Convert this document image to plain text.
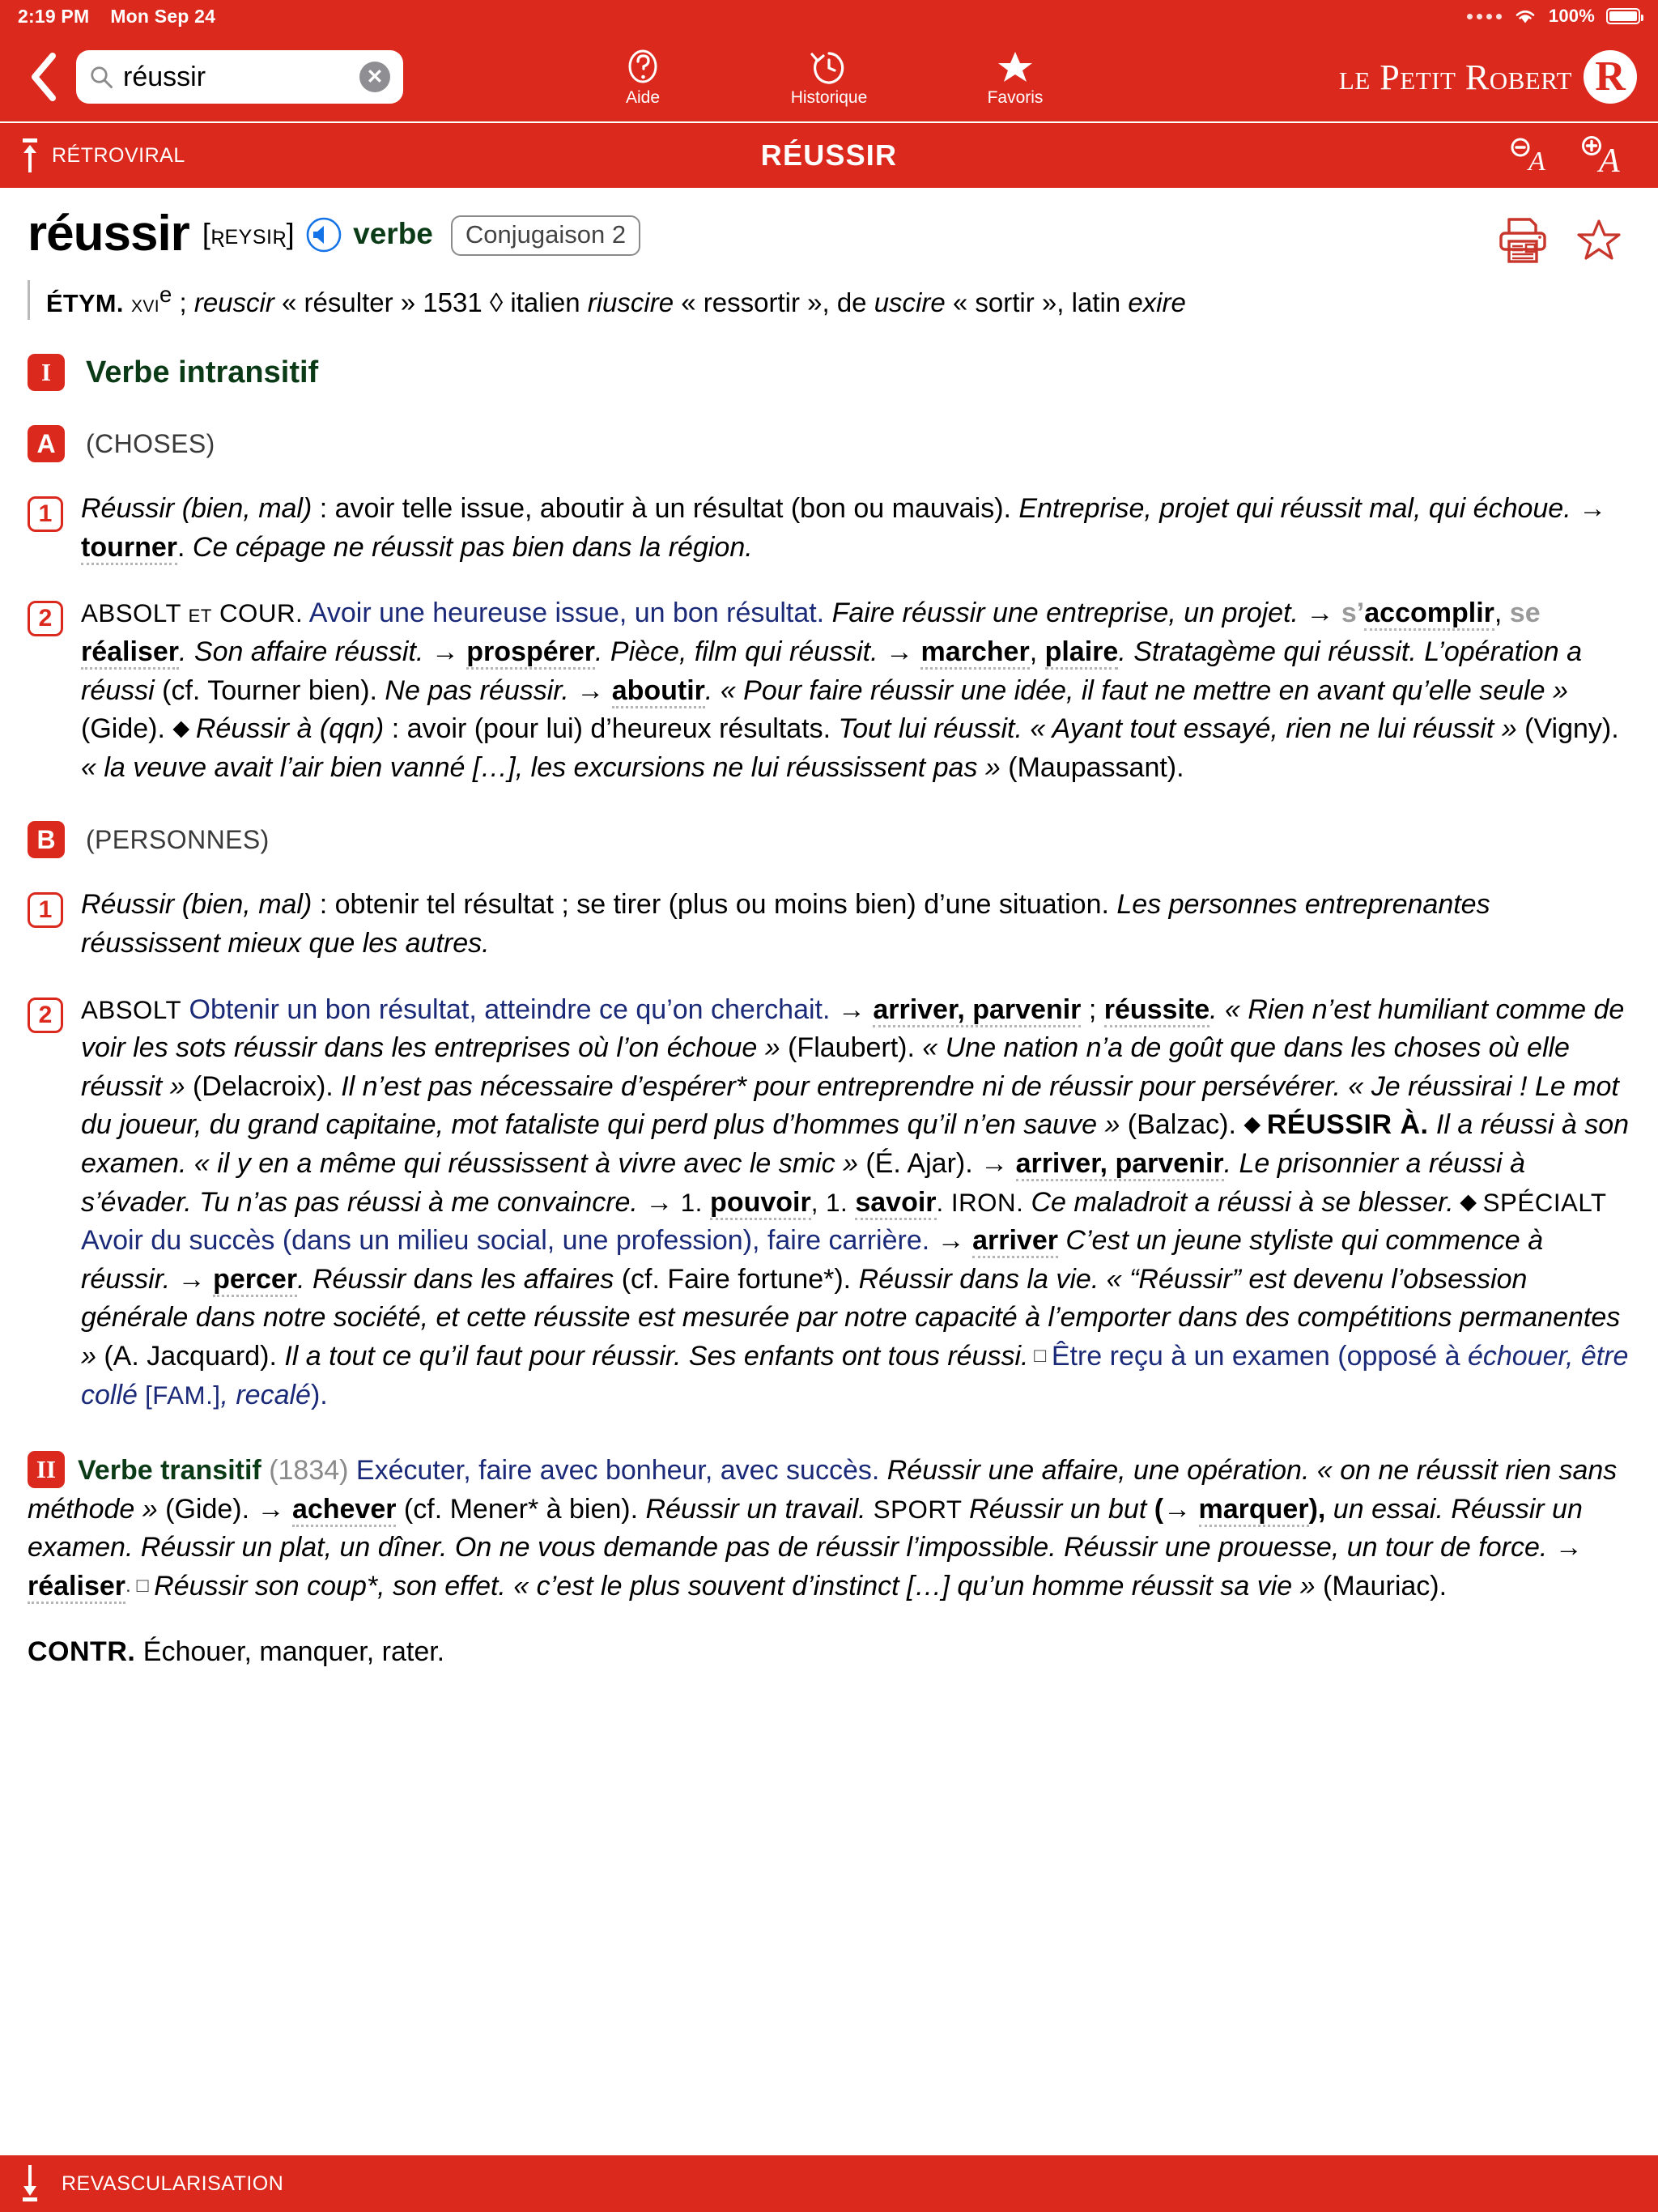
2:19 PM Mon Sep 24	100%
réussir	✕
Aide	Historique	Favoris
le Petit Robert R
RÉTROVIRAL	RÉUSSIR	A A
réussir [ʀeysiʀ] verbe	Conjugaison 2
ÉTYM. xvi$^e$ ; reuscir « résulter » 1531 ◊ italien riuscire « ressortir », de uscire « sortir », latin exire
I	Verbe intransitif
A	(CHOSES)
1	Réussir (bien, mal) : avoir telle issue, aboutir à un résultat (bon ou mauvais). Entreprise, projet qui réussit mal, qui échoue. → tourner. Ce cépage ne réussit pas bien dans la région.
2	ABSOLT et COUR. Avoir une heureuse issue, un bon résultat. Faire réussir une entreprise, un projet. → s’accomplir, se réaliser. Son affaire réussit. → prospérer. Pièce, film qui réussit. → marcher, plaire. Stratagème qui réussit. L’opération a réussi (cf. Tourner bien). Ne pas réussir. → aboutir. « Pour faire réussir une idée, il faut ne mettre en avant qu’elle seule » (Gide). ◆ Réussir à (qqn) : avoir (pour lui) d’heureux résultats. Tout lui réussit. « Ayant tout essayé, rien ne lui réussit » (Vigny). « la veuve avait l’air bien vanné […], les excursions ne lui réussissent pas » (Maupassant).
B	(PERSONNES)
1	Réussir (bien, mal) : obtenir tel résultat ; se tirer (plus ou moins bien) d’une situation. Les personnes entreprenantes réussissent mieux que les autres.
2	ABSOLT Obtenir un bon résultat, atteindre ce qu’on cherchait. → arriver, parvenir ; réussite. « Rien n’est humiliant comme de voir les sots réussir dans les entreprises où l’on échoue » (Flaubert). « Une nation n’a de goût que dans les choses où elle réussit » (Delacroix). Il n’est pas nécessaire d’espérer* pour entreprendre ni de réussir pour persévérer. « Je réussirai ! Le mot du joueur, du grand capitaine, mot fataliste qui perd plus d’hommes qu’il n’en sauve » (Balzac). ◆ RÉUSSIR À. Il a réussi à son examen. « il y en a même qui réussissent à vivre avec le smic » (É. Ajar). → arriver, parvenir. Le prisonnier a réussi à s’évader. Tu n’as pas réussi à me convaincre. → 1. pouvoir, 1. savoir. IRON. Ce maladroit a réussi à se blesser. ◆ SPÉCIALT Avoir du succès (dans un milieu social, une profession), faire carrière. → arriver C’est un jeune styliste qui commence à réussir. → percer. Réussir dans les affaires (cf. Faire fortune*). Réussir dans la vie. « “Réussir” est devenu l’obsession générale dans notre société, et cette réussite est mesurée par notre capacité à l’emporter dans des compétitions permanentes » (A. Jacquard). Il a tout ce qu’il faut pour réussir. Ses enfants ont tous réussi. □ Être reçu à un examen (opposé à échouer, être collé [FAM.], recalé).
II Verbe transitif (1834) Exécuter, faire avec bonheur, avec succès. Réussir une affaire, une opération. « on ne réussit rien sans méthode » (Gide). → achever (cf. Mener* à bien). Réussir un travail. SPORT Réussir un but (→ marquer), un essai. Réussir un examen. Réussir un plat, un dîner. On ne vous demande pas de réussir l’impossible. Réussir une prouesse, un tour de force. → réaliser. □ Réussir son coup*, son effet. « c’est le plus souvent d’instinct […] qu’un homme réussit sa vie » (Mauriac).
CONTR. Échouer, manquer, rater.
REVASCULARISATION
